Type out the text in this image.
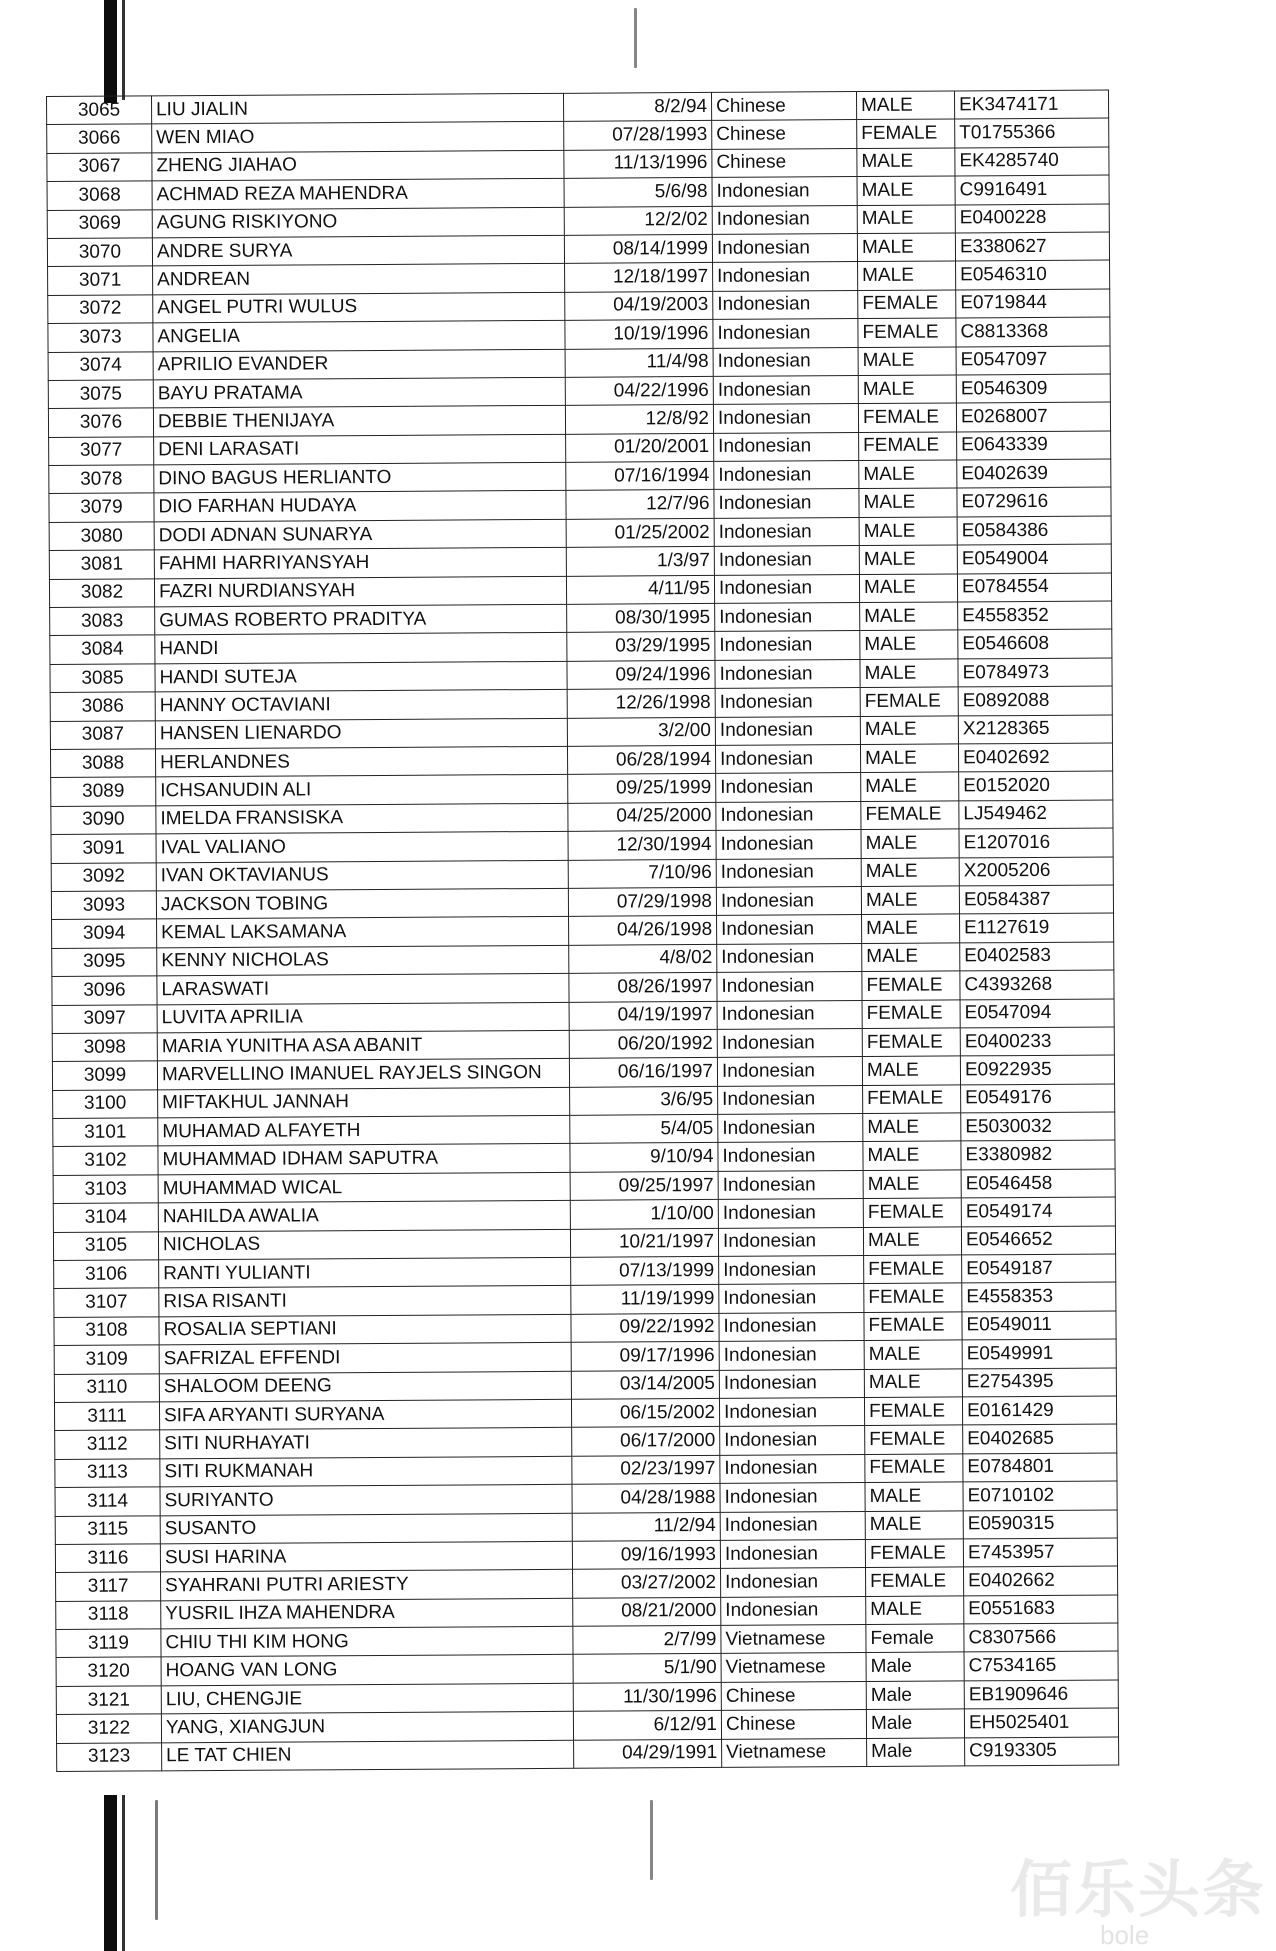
3065	LIU JIALIN	8/2/94	Chinese	MALE	EK3474171
3066	WEN MIAO	07/28/1993	Chinese	FEMALE	T01755366
3067	ZHENG JIAHAO	11/13/1996	Chinese	MALE	EK4285740
3068	ACHMAD REZA MAHENDRA	5/6/98	Indonesian	MALE	C9916491
3069	AGUNG RISKIYONO	12/2/02	Indonesian	MALE	E0400228
3070	ANDRE SURYA	08/14/1999	Indonesian	MALE	E3380627
3071	ANDREAN	12/18/1997	Indonesian	MALE	E0546310
3072	ANGEL PUTRI WULUS	04/19/2003	Indonesian	FEMALE	E0719844
3073	ANGELIA	10/19/1996	Indonesian	FEMALE	C8813368
3074	APRILIO EVANDER	11/4/98	Indonesian	MALE	E0547097
3075	BAYU PRATAMA	04/22/1996	Indonesian	MALE	E0546309
3076	DEBBIE THENIJAYA	12/8/92	Indonesian	FEMALE	E0268007
3077	DENI LARASATI	01/20/2001	Indonesian	FEMALE	E0643339
3078	DINO BAGUS HERLIANTO	07/16/1994	Indonesian	MALE	E0402639
3079	DIO FARHAN HUDAYA	12/7/96	Indonesian	MALE	E0729616
3080	DODI ADNAN SUNARYA	01/25/2002	Indonesian	MALE	E0584386
3081	FAHMI HARRIYANSYAH	1/3/97	Indonesian	MALE	E0549004
3082	FAZRI NURDIANSYAH	4/11/95	Indonesian	MALE	E0784554
3083	GUMAS ROBERTO PRADITYA	08/30/1995	Indonesian	MALE	E4558352
3084	HANDI	03/29/1995	Indonesian	MALE	E0546608
3085	HANDI SUTEJA	09/24/1996	Indonesian	MALE	E0784973
3086	HANNY OCTAVIANI	12/26/1998	Indonesian	FEMALE	E0892088
3087	HANSEN LIENARDO	3/2/00	Indonesian	MALE	X2128365
3088	HERLANDNES	06/28/1994	Indonesian	MALE	E0402692
3089	ICHSANUDIN ALI	09/25/1999	Indonesian	MALE	E0152020
3090	IMELDA FRANSISKA	04/25/2000	Indonesian	FEMALE	LJ549462
3091	IVAL VALIANO	12/30/1994	Indonesian	MALE	E1207016
3092	IVAN OKTAVIANUS	7/10/96	Indonesian	MALE	X2005206
3093	JACKSON TOBING	07/29/1998	Indonesian	MALE	E0584387
3094	KEMAL LAKSAMANA	04/26/1998	Indonesian	MALE	E1127619
3095	KENNY NICHOLAS	4/8/02	Indonesian	MALE	E0402583
3096	LARASWATI	08/26/1997	Indonesian	FEMALE	C4393268
3097	LUVITA APRILIA	04/19/1997	Indonesian	FEMALE	E0547094
3098	MARIA YUNITHA ASA ABANIT	06/20/1992	Indonesian	FEMALE	E0400233
3099	MARVELLINO IMANUEL RAYJELS SINGON	06/16/1997	Indonesian	MALE	E0922935
3100	MIFTAKHUL JANNAH	3/6/95	Indonesian	FEMALE	E0549176
3101	MUHAMAD ALFAYETH	5/4/05	Indonesian	MALE	E5030032
3102	MUHAMMAD IDHAM SAPUTRA	9/10/94	Indonesian	MALE	E3380982
3103	MUHAMMAD WICAL	09/25/1997	Indonesian	MALE	E0546458
3104	NAHILDA AWALIA	1/10/00	Indonesian	FEMALE	E0549174
3105	NICHOLAS	10/21/1997	Indonesian	MALE	E0546652
3106	RANTI YULIANTI	07/13/1999	Indonesian	FEMALE	E0549187
3107	RISA RISANTI	11/19/1999	Indonesian	FEMALE	E4558353
3108	ROSALIA SEPTIANI	09/22/1992	Indonesian	FEMALE	E0549011
3109	SAFRIZAL EFFENDI	09/17/1996	Indonesian	MALE	E0549991
3110	SHALOOM DEENG	03/14/2005	Indonesian	MALE	E2754395
3111	SIFA ARYANTI SURYANA	06/15/2002	Indonesian	FEMALE	E0161429
3112	SITI NURHAYATI	06/17/2000	Indonesian	FEMALE	E0402685
3113	SITI RUKMANAH	02/23/1997	Indonesian	FEMALE	E0784801
3114	SURIYANTO	04/28/1988	Indonesian	MALE	E0710102
3115	SUSANTO	11/2/94	Indonesian	MALE	E0590315
3116	SUSI HARINA	09/16/1993	Indonesian	FEMALE	E7453957
3117	SYAHRANI PUTRI ARIESTY	03/27/2002	Indonesian	FEMALE	E0402662
3118	YUSRIL IHZA MAHENDRA	08/21/2000	Indonesian	MALE	E0551683
3119	CHIU THI KIM HONG	2/7/99	Vietnamese	Female	C8307566
3120	HOANG VAN LONG	5/1/90	Vietnamese	Male	C7534165
3121	LIU, CHENGJIE	11/30/1996	Chinese	Male	EB1909646
3122	YANG, XIANGJUN	6/12/91	Chinese	Male	EH5025401
3123	LE TAT CHIEN	04/29/1991	Vietnamese	Male	C9193305
佰乐头条
bole
